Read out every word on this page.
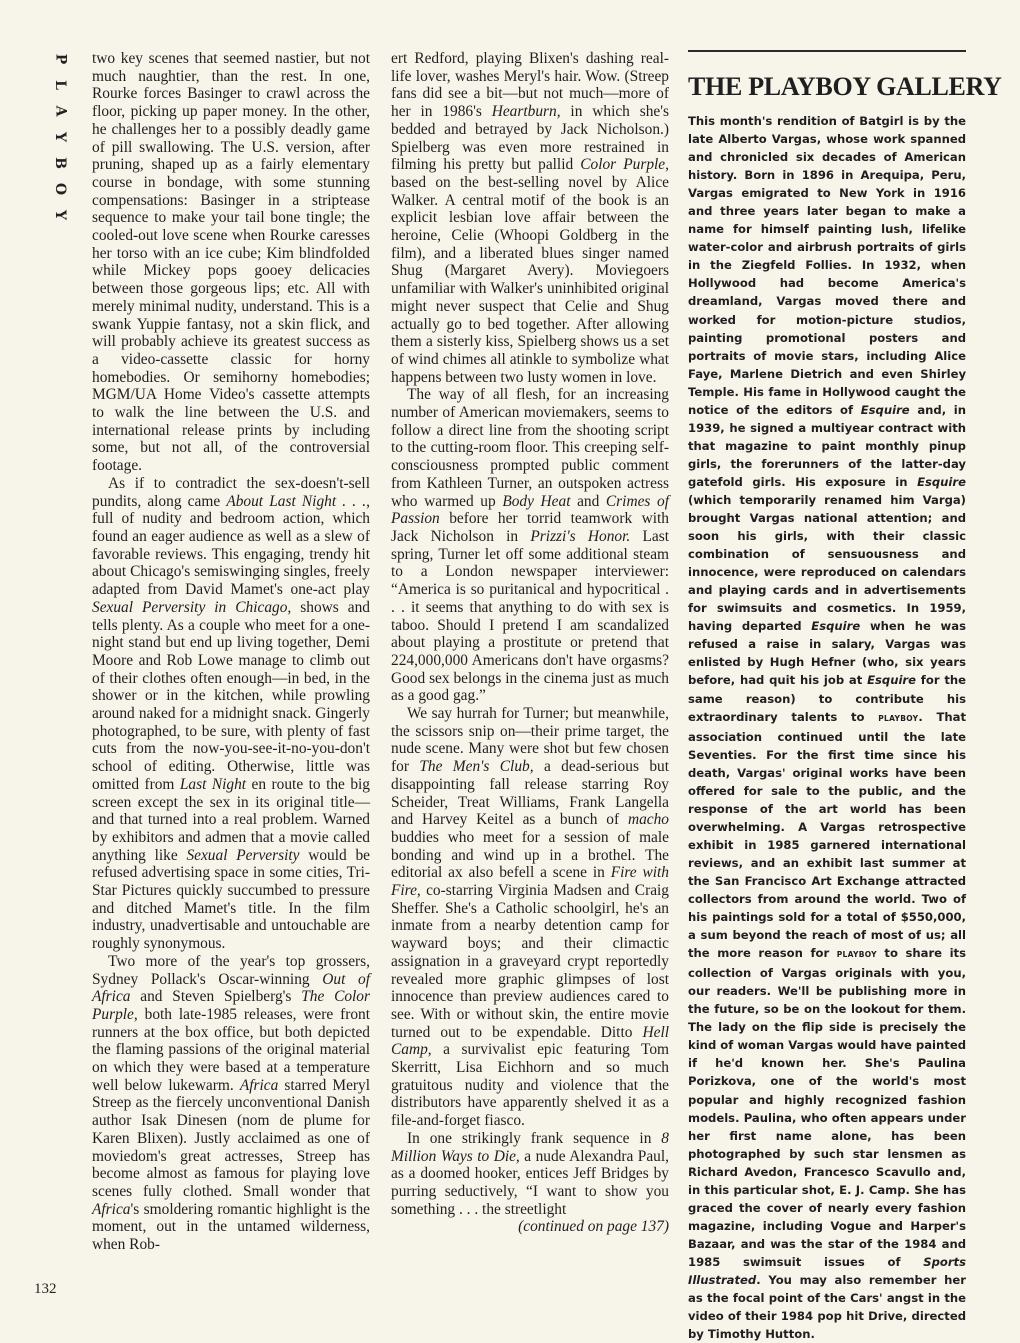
P
L
A
Y
B
O
Y

two key scenes that seemed nastier, but not much naughtier, than the rest. In one, Rourke forces Basinger to crawl across the floor, picking up paper money. In the other, he challenges her to a possibly deadly game of pill swallowing. The U.S. version, after pruning, shaped up as a fairly elementary course in bondage, with some stunning compensations: Basinger in a striptease sequence to make your tail bone tingle; the cooled-out love scene when Rourke caresses her torso with an ice cube; Kim blindfolded while Mickey pops gooey delicacies between those gorgeous lips; etc. All with merely minimal nudity, understand. This is a swank Yuppie fantasy, not a skin flick, and will probably achieve its greatest success as a video-cassette classic for horny homebodies. Or semihorny homebodies; MGM/UA Home Video's cassette attempts to walk the line between the U.S. and international release prints by including some, but not all, of the controversial footage.

As if to contradict the sex-doesn't-sell pundits, along came About Last Night . . ., full of nudity and bedroom action, which found an eager audience as well as a slew of favorable reviews. This engaging, trendy hit about Chicago's semiswinging singles, freely adapted from David Mamet's one-act play Sexual Perversity in Chicago, shows and tells plenty. As a couple who meet for a one-night stand but end up living together, Demi Moore and Rob Lowe manage to climb out of their clothes often enough—in bed, in the shower or in the kitchen, while prowling around naked for a midnight snack. Gingerly photographed, to be sure, with plenty of fast cuts from the now-you-see-it-no-you-don't school of editing. Otherwise, little was omitted from Last Night en route to the big screen except the sex in its original title—and that turned into a real problem. Warned by exhibitors and admen that a movie called anything like Sexual Perversity would be refused advertising space in some cities, Tri-Star Pictures quickly succumbed to pressure and ditched Mamet's title. In the film industry, unadvertisable and untouchable are roughly synonymous.

Two more of the year's top grossers, Sydney Pollack's Oscar-winning Out of Africa and Steven Spielberg's The Color Purple, both late-1985 releases, were front runners at the box office, but both depicted the flaming passions of the original material on which they were based at a temperature well below lukewarm. Africa starred Meryl Streep as the fiercely unconventional Danish author Isak Dinesen (nom de plume for Karen Blixen). Justly acclaimed as one of moviedom's great actresses, Streep has become almost as famous for playing love scenes fully clothed. Small wonder that Africa's smoldering romantic highlight is the moment, out in the untamed wilderness, when Rob-

ert Redford, playing Blixen's dashing real-life lover, washes Meryl's hair. Wow. (Streep fans did see a bit—but not much—more of her in 1986's Heartburn, in which she's bedded and betrayed by Jack Nicholson.) Spielberg was even more restrained in filming his pretty but pallid Color Purple, based on the best-selling novel by Alice Walker. A central motif of the book is an explicit lesbian love affair between the heroine, Celie (Whoopi Goldberg in the film), and a liberated blues singer named Shug (Margaret Avery). Moviegoers unfamiliar with Walker's uninhibited original might never suspect that Celie and Shug actually go to bed together. After allowing them a sisterly kiss, Spielberg shows us a set of wind chimes all atinkle to symbolize what happens between two lusty women in love.

The way of all flesh, for an increasing number of American moviemakers, seems to follow a direct line from the shooting script to the cutting-room floor. This creeping self-consciousness prompted public comment from Kathleen Turner, an outspoken actress who warmed up Body Heat and Crimes of Passion before her torrid teamwork with Jack Nicholson in Prizzi's Honor. Last spring, Turner let off some additional steam to a London newspaper interviewer: “America is so puritanical and hypocritical . . . it seems that anything to do with sex is taboo. Should I pretend I am scandalized about playing a prostitute or pretend that 224,000,000 Americans don't have orgasms? Good sex belongs in the cinema just as much as a good gag.”

We say hurrah for Turner; but meanwhile, the scissors snip on—their prime target, the nude scene. Many were shot but few chosen for The Men's Club, a dead-serious but disappointing fall release starring Roy Scheider, Treat Williams, Frank Langella and Harvey Keitel as a bunch of macho buddies who meet for a session of male bonding and wind up in a brothel. The editorial ax also befell a scene in Fire with Fire, co-starring Virginia Madsen and Craig Sheffer. She's a Catholic schoolgirl, he's an inmate from a nearby detention camp for wayward boys; and their climactic assignation in a graveyard crypt reportedly revealed more graphic glimpses of lost innocence than preview audiences cared to see. With or without skin, the entire movie turned out to be expendable. Ditto Hell Camp, a survivalist epic featuring Tom Skerritt, Lisa Eichhorn and so much gratuitous nudity and violence that the distributors have apparently shelved it as a file-and-forget fiasco.

In one strikingly frank sequence in 8 Million Ways to Die, a nude Alexandra Paul, as a doomed hooker, entices Jeff Bridges by purring seductively, “I want to show you something . . . the streetlight

(continued on page 137)

THE PLAYBOY GALLERY

This month's rendition of Batgirl is by the late Alberto Vargas, whose work spanned and chronicled six decades of American history. Born in 1896 in Arequipa, Peru, Vargas emigrated to New York in 1916 and three years later began to make a name for himself painting lush, lifelike water-color and airbrush portraits of girls in the Ziegfeld Follies. In 1932, when Hollywood had become America's dreamland, Vargas moved there and worked for motion-picture studios, painting promotional posters and portraits of movie stars, including Alice Faye, Marlene Dietrich and even Shirley Temple. His fame in Hollywood caught the notice of the editors of Esquire and, in 1939, he signed a multiyear contract with that magazine to paint monthly pinup girls, the forerunners of the latter-day gatefold girls. His exposure in Esquire (which temporarily renamed him Varga) brought Vargas national attention; and soon his girls, with their classic combination of sensuousness and innocence, were reproduced on calendars and playing cards and in advertisements for swimsuits and cosmetics. In 1959, having departed Esquire when he was refused a raise in salary, Vargas was enlisted by Hugh Hefner (who, six years before, had quit his job at Esquire for the same reason) to contribute his extraordinary talents to PLAYBOY. That association continued until the late Seventies. For the first time since his death, Vargas' original works have been offered for sale to the public, and the response of the art world has been overwhelming. A Vargas retrospective exhibit in 1985 garnered international reviews, and an exhibit last summer at the San Francisco Art Exchange attracted collectors from around the world. Two of his paintings sold for a total of $550,000, a sum beyond the reach of most of us; all the more reason for PLAYBOY to share its collection of Vargas originals with you, our readers. We'll be publishing more in the future, so be on the lookout for them. The lady on the flip side is precisely the kind of woman Vargas would have painted if he'd known her. She's Paulina Porizkova, one of the world's most popular and highly recognized fashion models. Paulina, who often appears under her first name alone, has been photographed by such star lensmen as Richard Avedon, Francesco Scavullo and, in this particular shot, E. J. Camp. She has graced the cover of nearly every fashion magazine, including Vogue and Harper's Bazaar, and was the star of the 1984 and 1985 swimsuit issues of Sports Illustrated. You may also remember her as the focal point of the Cars' angst in the video of their 1984 pop hit Drive, directed by Timothy Hutton.

132
